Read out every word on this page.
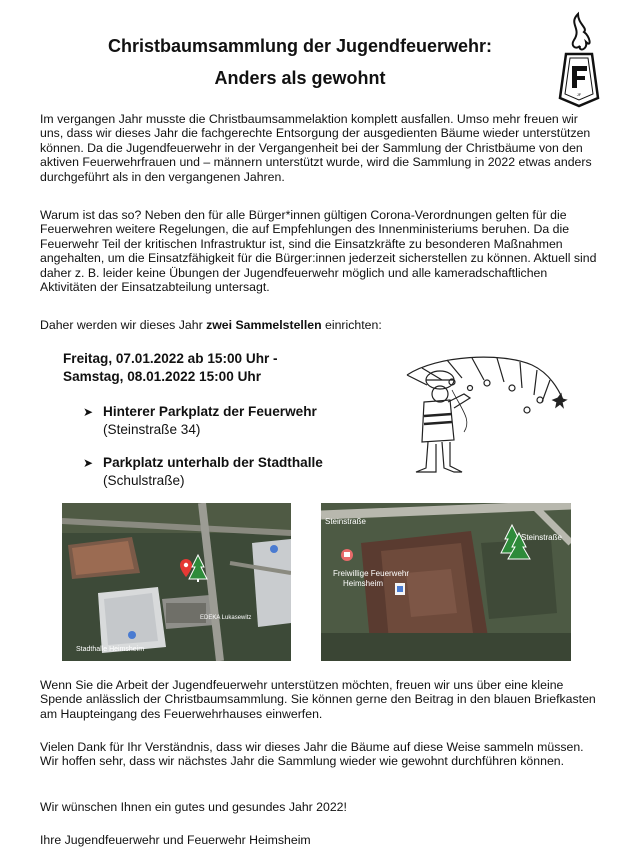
Christbaumsammlung der Jugendfeuerwehr:
Anders als gewohnt
JF

Im vergangen Jahr musste die Christbaumsammelaktion komplett ausfallen. Umso mehr freuen wir uns, dass wir dieses Jahr die fachgerechte Entsorgung der ausgedienten Bäume wieder unterstützen können. Da die Jugendfeuerwehr in der Vergangenheit bei der Sammlung der Christbäume von den aktiven Feuerwehrfrauen und – männern unterstützt wurde, wird die Sammlung in 2022 etwas anders durchgeführt als in den vergangenen Jahren.

Warum ist das so? Neben den für alle Bürger*innen gültigen Corona-Verordnungen gelten für die Feuerwehren weitere Regelungen, die auf Empfehlungen des Innenministeriums beruhen. Da die Feuerwehr Teil der kritischen Infrastruktur ist, sind die Einsatzkräfte zu besonderen Maßnahmen angehalten, um die Einsatzfähigkeit für die Bürger:innen jederzeit sicherstellen zu können. Aktuell sind daher z. B. leider keine Übungen der Jugendfeuerwehr möglich und alle kameradschaftlichen Aktivitäten der Einsatzabteilung untersagt.

Daher werden wir dieses Jahr zwei Sammelstellen einrichten:

Freitag, 07.01.2022 ab 15:00 Uhr -
Samstag, 08.01.2022 15:00 Uhr
➤ Hinterer Parkplatz der Feuerwehr
(Steinstraße 34)
➤ Parkplatz unterhalb der Stadthalle
(Schulstraße)
Stadthalle Heimsheim
EDEKA Lukasewitz
Steinstraße
Steinstraße
Freiwillige Feuerwehr
Heimsheim

Wenn Sie die Arbeit der Jugendfeuerwehr unterstützen möchten, freuen wir uns über eine kleine Spende anlässlich der Christbaumsammlung. Sie können gerne den Beitrag in den blauen Briefkasten am Haupteingang des Feuerwehrhauses einwerfen.

Vielen Dank für Ihr Verständnis, dass wir dieses Jahr die Bäume auf diese Weise sammeln müssen. Wir hoffen sehr, dass wir nächstes Jahr die Sammlung wieder wie gewohnt durchführen können.

Wir wünschen Ihnen ein gutes und gesundes Jahr 2022!

Ihre Jugendfeuerwehr und Feuerwehr Heimsheim
